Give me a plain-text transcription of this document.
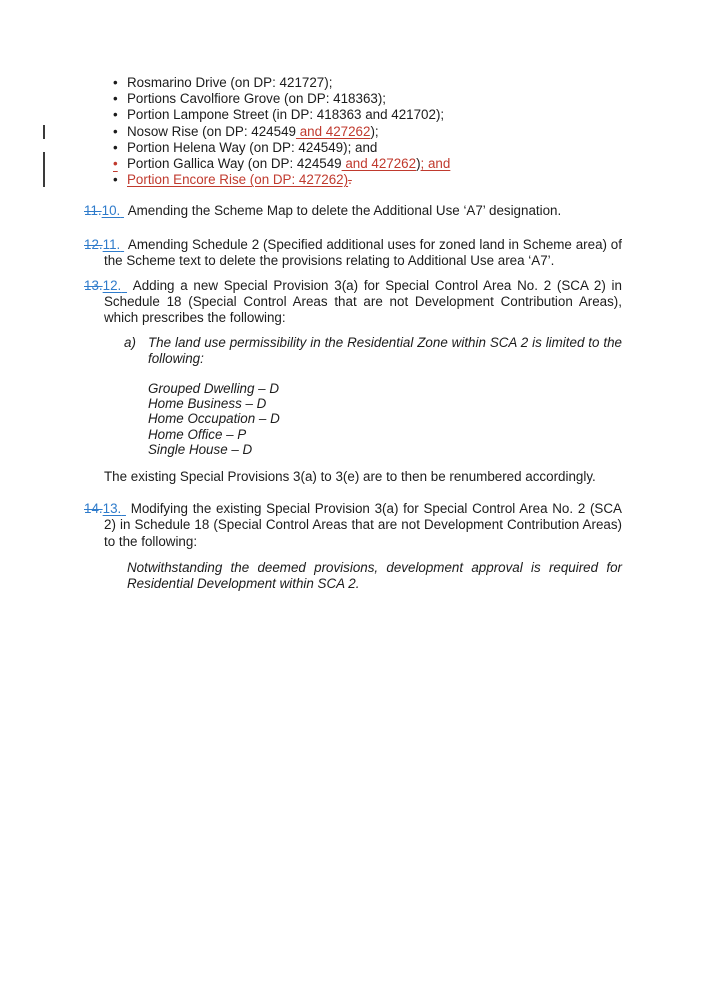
• Rosmarino Drive (on DP: 421727);
• Portions Cavolfiore Grove (on DP: 418363);
• Portion Lampone Street (in DP: 418363 and 421702);
• Nosow Rise (on DP: 424549 and 427262);
• Portion Helena Way (on DP: 424549); and
• Portion Gallica Way (on DP: 424549 and 427262); and
• Portion Encore Rise (on DP: 427262).

11.10. Amending the Scheme Map to delete the Additional Use ‘A7’ designation.

12.11. Amending Schedule 2 (Specified additional uses for zoned land in Scheme area) of the Scheme text to delete the provisions relating to Additional Use area ‘A7’.

13.12. Adding a new Special Provision 3(a) for Special Control Area No. 2 (SCA 2) in Schedule 18 (Special Control Areas that are not Development Contribution Areas), which prescribes the following:

a) The land use permissibility in the Residential Zone within SCA 2 is limited to the following:
Grouped Dwelling – D
Home Business – D
Home Occupation – D
Home Office – P
Single House – D

The existing Special Provisions 3(a) to 3(e) are to then be renumbered accordingly.

14.13. Modifying the existing Special Provision 3(a) for Special Control Area No. 2 (SCA 2) in Schedule 18 (Special Control Areas that are not Development Contribution Areas) to the following:

Notwithstanding the deemed provisions, development approval is required for Residential Development within SCA 2.
